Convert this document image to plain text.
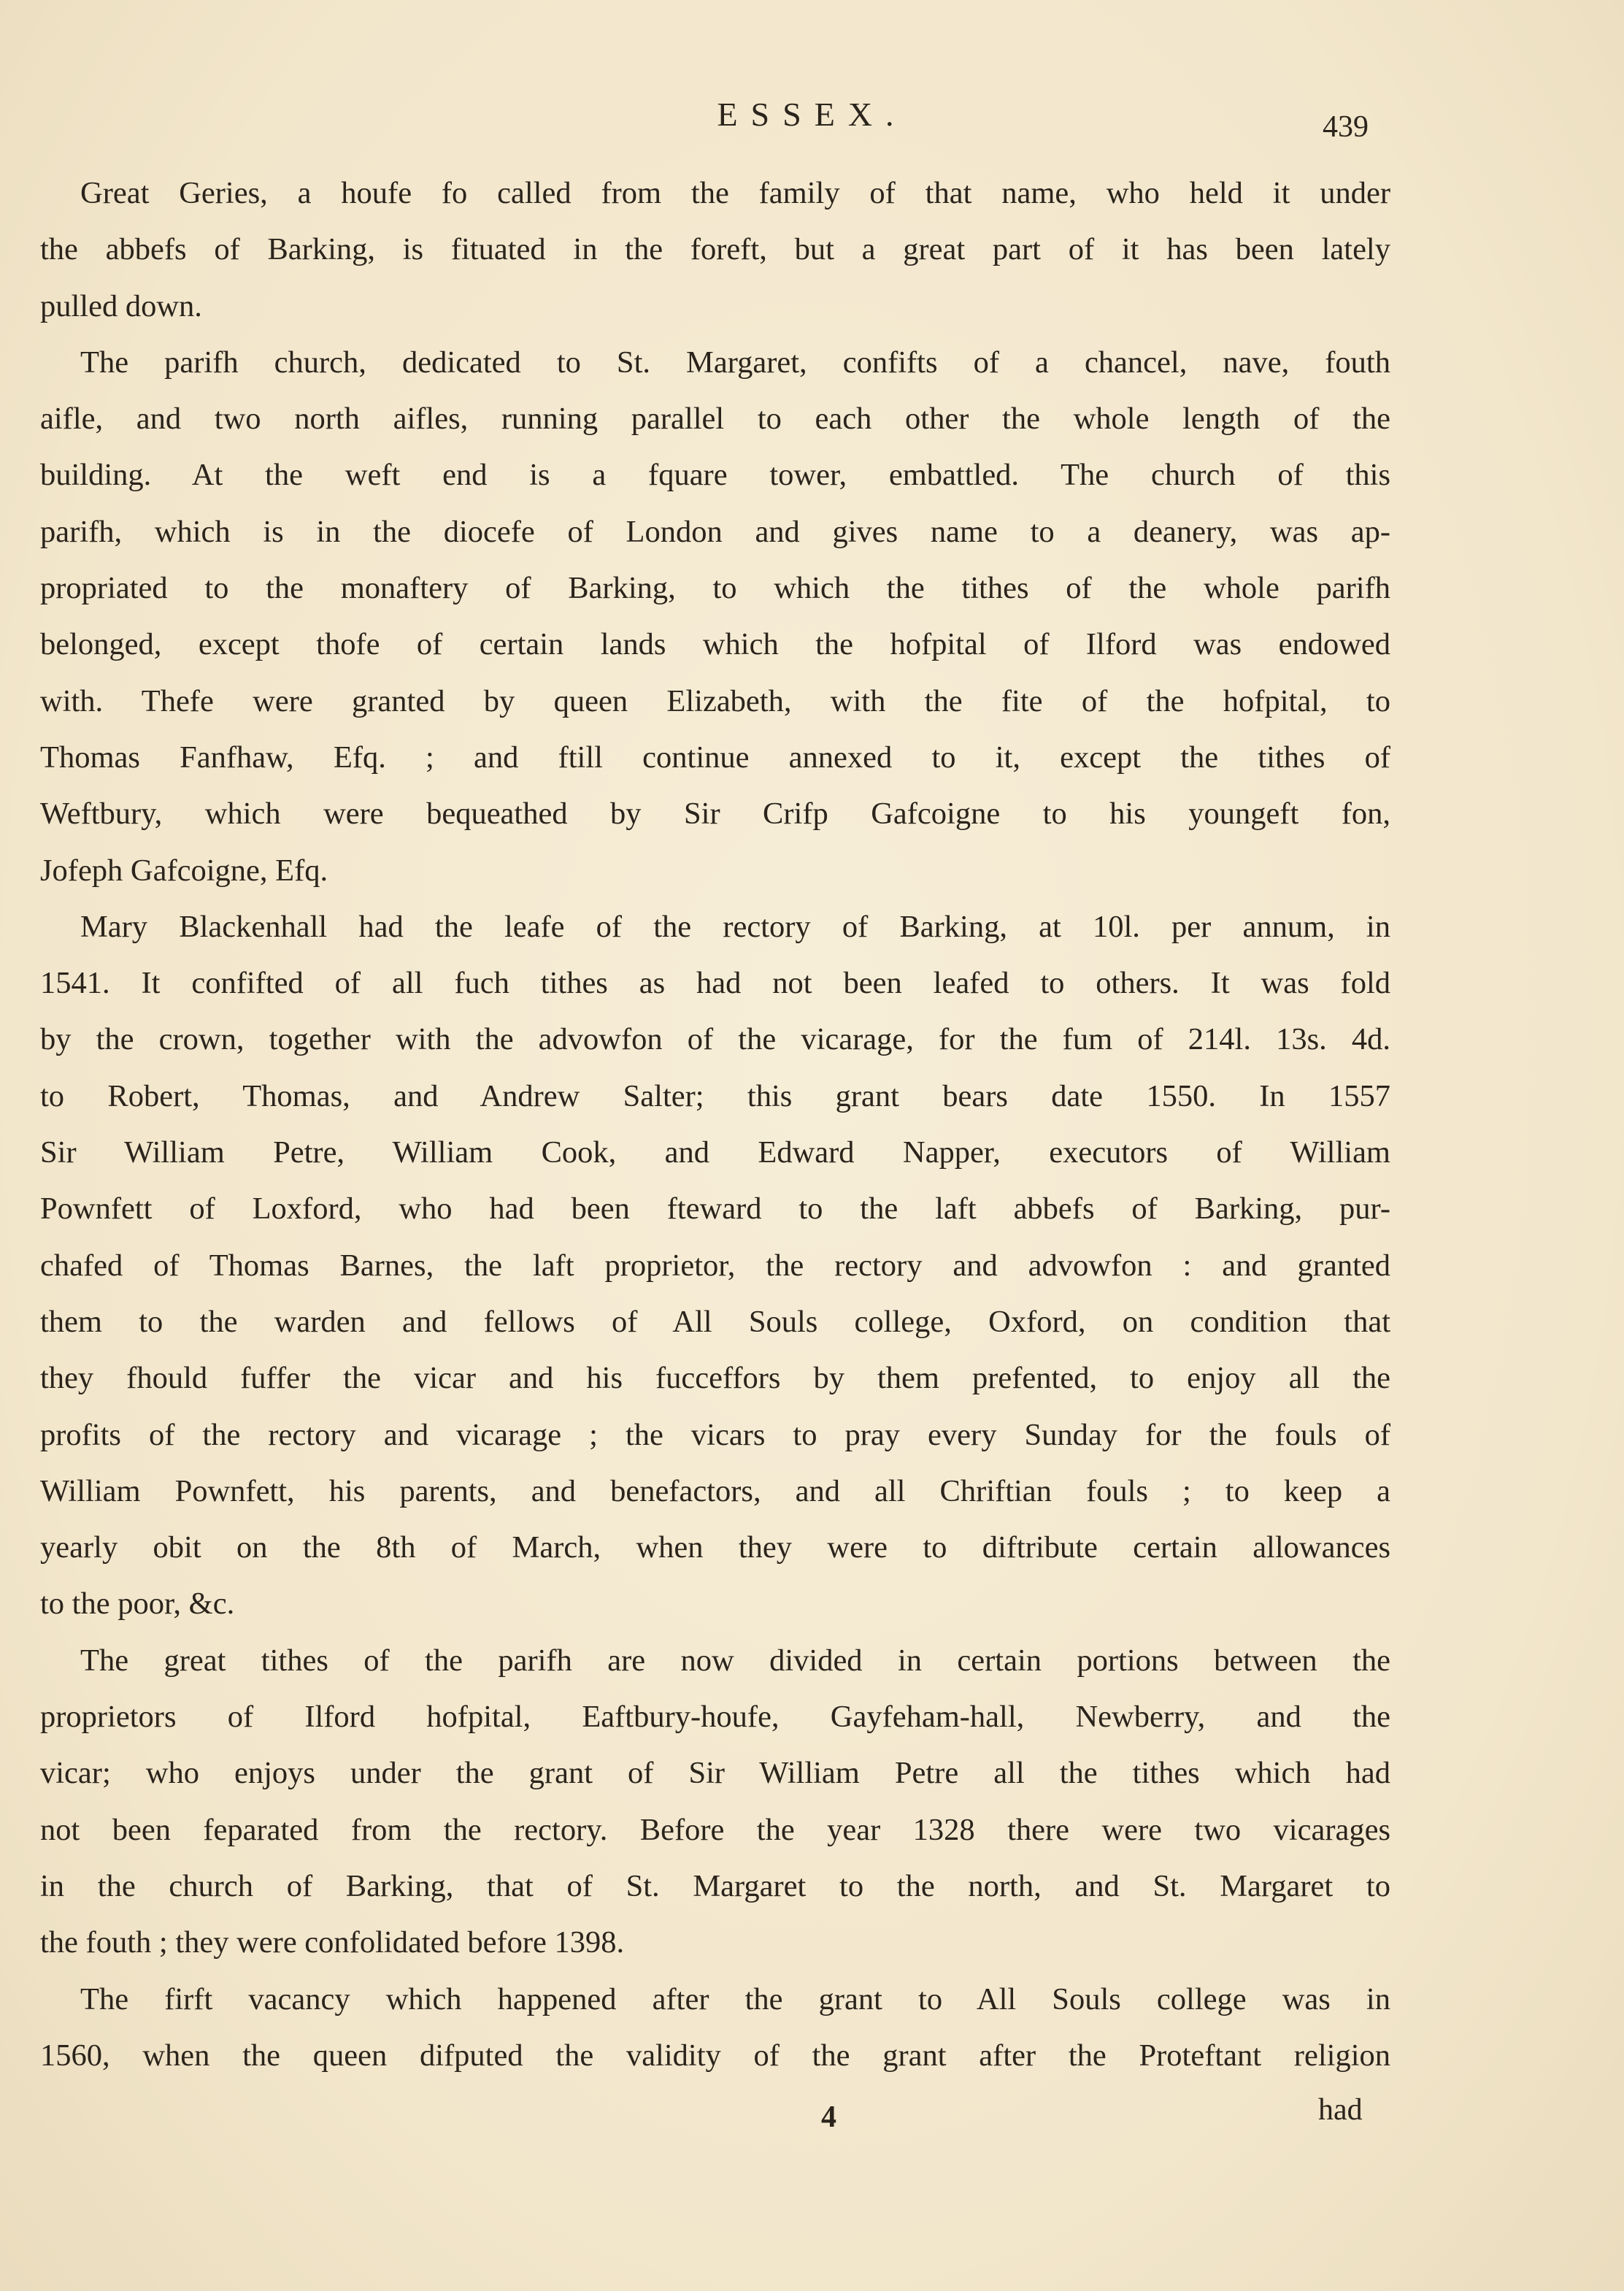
ESSEX.	439
Great Geries, a houfe fo called from the family of that name, who held it under
the abbefs of Barking, is fituated in the foreft, but a great part of it has been lately
pulled down.
The parifh church, dedicated to St. Margaret, confifts of a chancel, nave, fouth
aifle, and two north aifles, running parallel to each other the whole length of the
building. At the weft end is a fquare tower, embattled. The church of this
parifh, which is in the diocefe of London and gives name to a deanery, was ap-
propriated to the monaftery of Barking, to which the tithes of the whole parifh
belonged, except thofe of certain lands which the hofpital of Ilford was endowed
with. Thefe were granted by queen Elizabeth, with the fite of the hofpital, to
Thomas Fanfhaw, Efq. ; and ftill continue annexed to it, except the tithes of
Weftbury, which were bequeathed by Sir Crifp Gafcoigne to his youngeft fon,
Jofeph Gafcoigne, Efq.
Mary Blackenhall had the leafe of the rectory of Barking, at 10l. per annum, in
1541. It confifted of all fuch tithes as had not been leafed to others. It was fold
by the crown, together with the advowfon of the vicarage, for the fum of 214l. 13s. 4d.
to Robert, Thomas, and Andrew Salter; this grant bears date 1550. In 1557
Sir William Petre, William Cook, and Edward Napper, executors of William
Pownfett of Loxford, who had been fteward to the laft abbefs of Barking, pur-
chafed of Thomas Barnes, the laft proprietor, the rectory and advowfon : and granted
them to the warden and fellows of All Souls college, Oxford, on condition that
they fhould fuffer the vicar and his fucceffors by them prefented, to enjoy all the
profits of the rectory and vicarage ; the vicars to pray every Sunday for the fouls of
William Pownfett, his parents, and benefactors, and all Chriftian fouls ; to keep a
yearly obit on the 8th of March, when they were to diftribute certain allowances
to the poor, &c.
The great tithes of the parifh are now divided in certain portions between the
proprietors of Ilford hofpital, Eaftbury-houfe, Gayfeham-hall, Newberry, and the
vicar; who enjoys under the grant of Sir William Petre all the tithes which had
not been feparated from the rectory. Before the year 1328 there were two vicarages
in the church of Barking, that of St. Margaret to the north, and St. Margaret to
the fouth ; they were confolidated before 1398.
The firft vacancy which happened after the grant to All Souls college was in
1560, when the queen difputed the validity of the grant after the Proteftant religion
4	had
